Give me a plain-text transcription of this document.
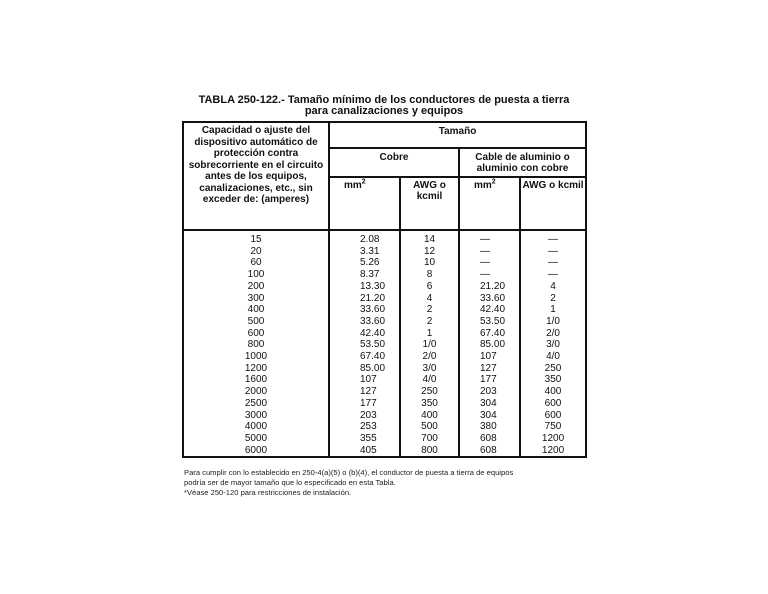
TABLA 250-122.- Tamaño mínimo de los conductores de puesta a tierra
para canalizaciones y equipos
Capacidad o ajuste del dispositivo automático de protección contra sobrecorriente en el circuito antes de los equipos, canalizaciones, etc., sin exceder de: (amperes)	Tamaño			
	Cobre		Cable de aluminio o aluminio con cobre	
	$mm^2$	AWG o kcmil	$mm^2$	AWG o kcmil
15	2.08	14	—	—
20	3.31	12	—	—
60	5.26	10	—	—
100	8.37	8	—	—
200	13.30	6	21.20	4
300	21.20	4	33.60	2
400	33.60	2	42.40	1
500	33.60	2	53.50	1/0
600	42.40	1	67.40	2/0
800	53.50	1/0	85.00	3/0
1000	67.40	2/0	107	4/0
1200	85.00	3/0	127	250
1600	107	4/0	177	350
2000	127	250	203	400
2500	177	350	304	600
3000	203	400	304	600
4000	253	500	380	750
5000	355	700	608	1200
6000	405	800	608	1200
Para cumplir con lo establecido en 250-4(a)(5) o (b)(4), el conductor de puesta a tierra de equipos
podría ser de mayor tamaño que lo especificado en esta Tabla.
*Véase 250-120 para restricciones de instalación.
